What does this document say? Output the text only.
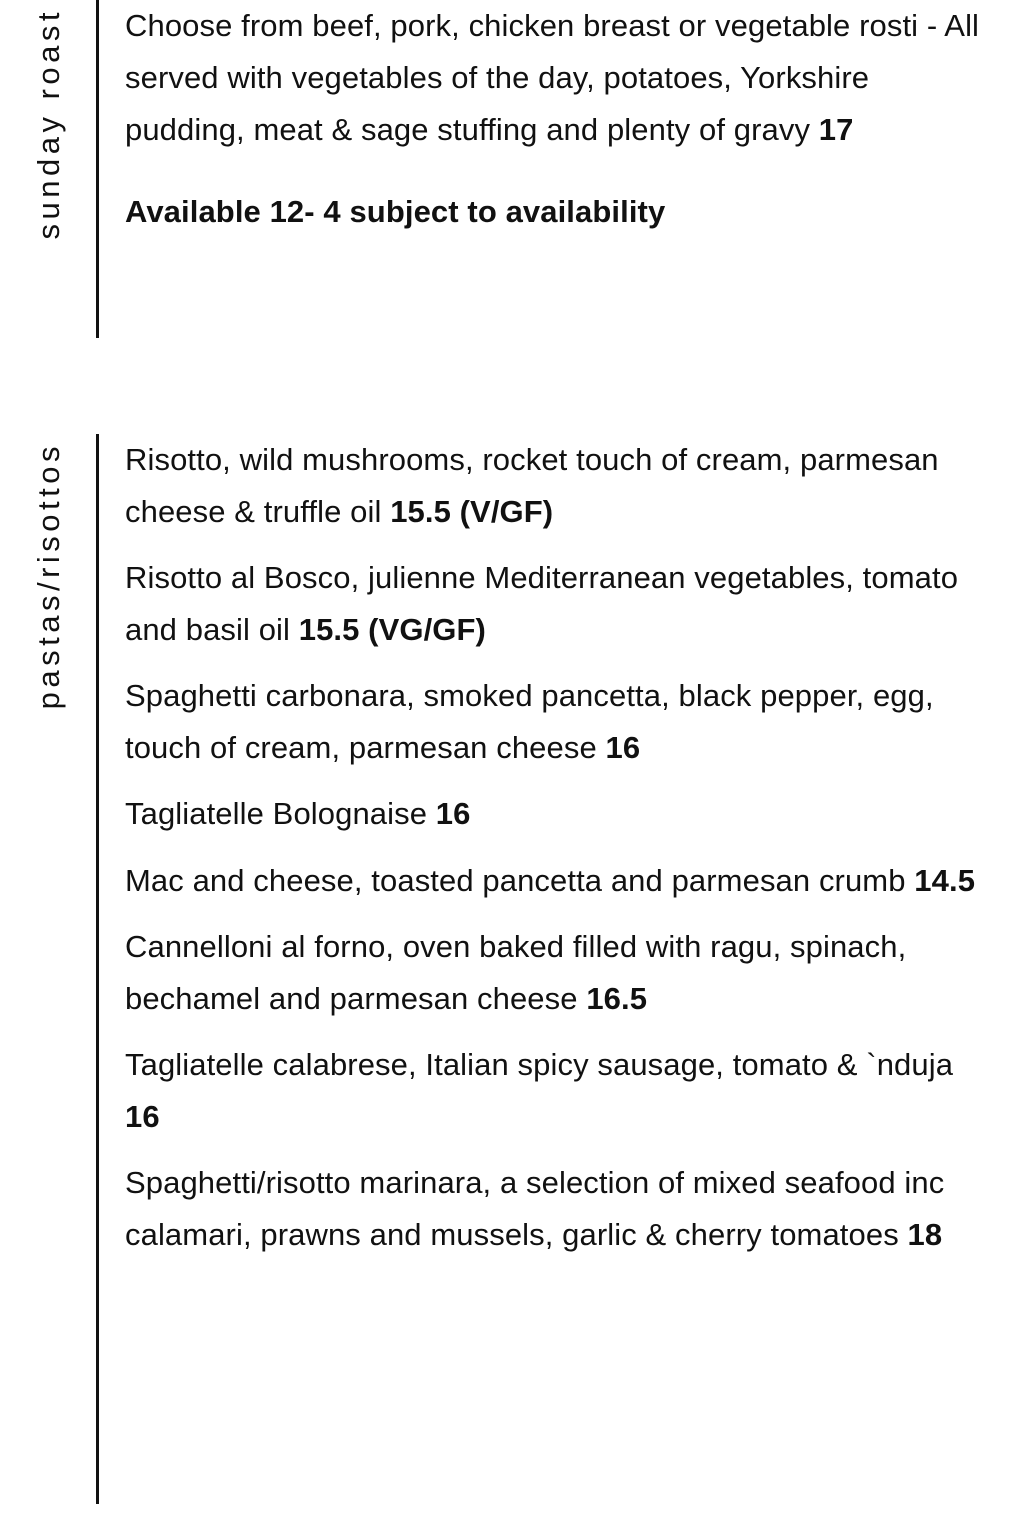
sunday roast Choose from beef, pork, chicken breast or vegetable rosti - All served with vegetables of the day, potatoes, Yorkshire pudding, meat & sage stuffing and plenty of gravy 17

Available 12- 4 subject to availability

pastas/risottos Risotto, wild mushrooms, rocket touch of cream, parmesan cheese & truffle oil 15.5 (V/GF)

Risotto al Bosco, julienne Mediterranean vegetables, tomato and basil oil 15.5 (VG/GF)

Spaghetti carbonara, smoked pancetta, black pepper, egg, touch of cream, parmesan cheese 16

Tagliatelle Bolognaise 16

Mac and cheese, toasted pancetta and parmesan crumb 14.5

Cannelloni al forno, oven baked filled with ragu, spinach, bechamel and parmesan cheese 16.5

Tagliatelle calabrese, Italian spicy sausage, tomato & `nduja 16

Spaghetti/risotto marinara, a selection of mixed seafood inc calamari, prawns and mussels, garlic & cherry tomatoes 18
